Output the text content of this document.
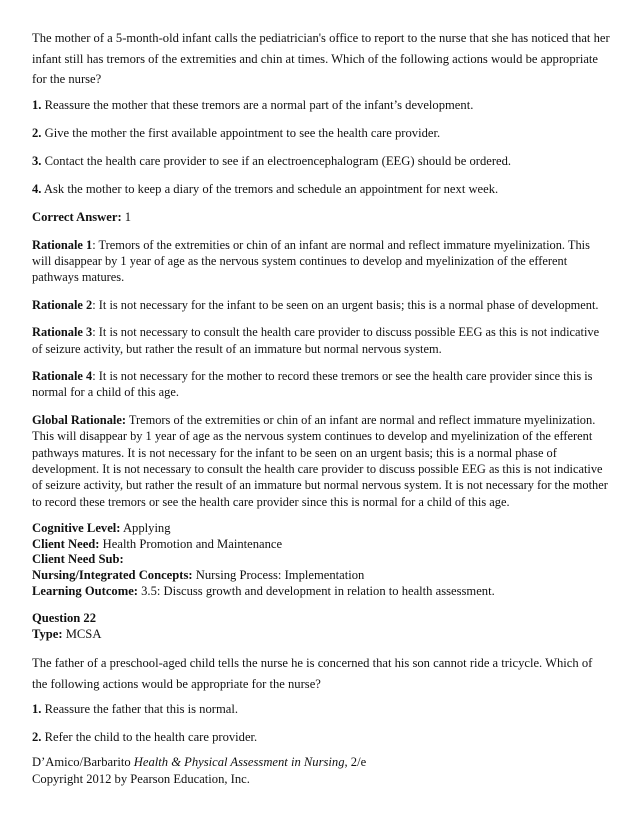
The mother of a 5-month-old infant calls the pediatrician's office to report to the nurse that she has noticed that her infant still has tremors of the extremities and chin at times. Which of the following actions would be appropriate for the nurse?

1. Reassure the mother that these tremors are a normal part of the infant’s development.

2. Give the mother the first available appointment to see the health care provider.

3. Contact the health care provider to see if an electroencephalogram (EEG) should be ordered.

4. Ask the mother to keep a diary of the tremors and schedule an appointment for next week.

Correct Answer: 1

Rationale 1: Tremors of the extremities or chin of an infant are normal and reflect immature myelinization. This will disappear by 1 year of age as the nervous system continues to develop and myelinization of the efferent pathways matures.

Rationale 2: It is not necessary for the infant to be seen on an urgent basis; this is a normal phase of development.

Rationale 3: It is not necessary to consult the health care provider to discuss possible EEG as this is not indicative of seizure activity, but rather the result of an immature but normal nervous system.

Rationale 4: It is not necessary for the mother to record these tremors or see the health care provider since this is normal for a child of this age.

Global Rationale: Tremors of the extremities or chin of an infant are normal and reflect immature myelinization. This will disappear by 1 year of age as the nervous system continues to develop and myelinization of the efferent pathways matures. It is not necessary for the infant to be seen on an urgent basis; this is a normal phase of development. It is not necessary to consult the health care provider to discuss possible EEG as this is not indicative of seizure activity, but rather the result of an immature but normal nervous system. It is not necessary for the mother to record these tremors or see the health care provider since this is normal for a child of this age.

Cognitive Level: Applying

Client Need: Health Promotion and Maintenance

Client Need Sub:

Nursing/Integrated Concepts: Nursing Process: Implementation

Learning Outcome: 3.5: Discuss growth and development in relation to health assessment.

Question 22

Type: MCSA

The father of a preschool-aged child tells the nurse he is concerned that his son cannot ride a tricycle. Which of the following actions would be appropriate for the nurse?

1. Reassure the father that this is normal.

2. Refer the child to the health care provider.

D’Amico/Barbarito Health & Physical Assessment in Nursing, 2/e

Copyright 2012 by Pearson Education, Inc.
